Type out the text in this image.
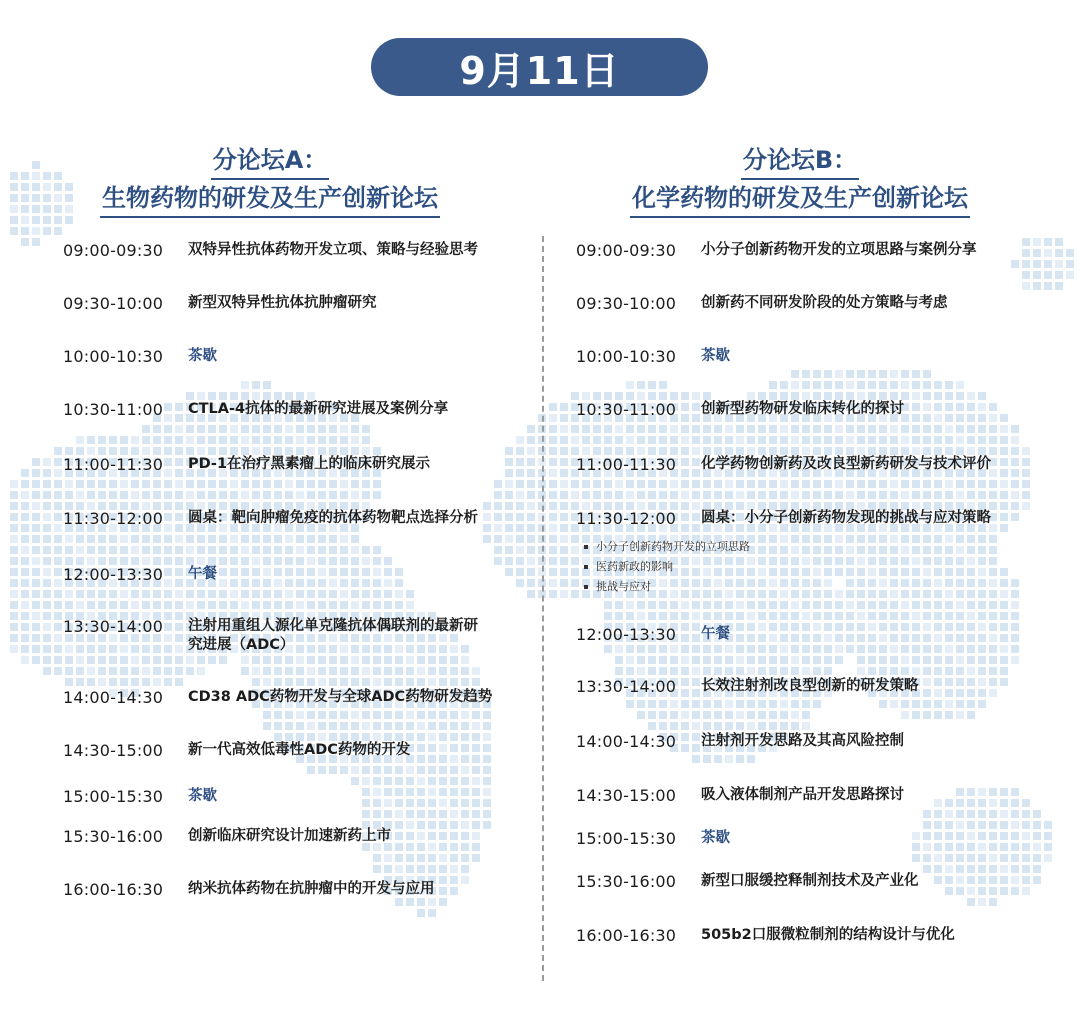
9月11日
分论坛A：
生物药物的研发及生产创新论坛
分论坛B：
化学药物的研发及生产创新论坛
09:00-09:30	双特异性抗体药物开发立项、策略与经验思考
09:30-10:00	新型双特异性抗体抗肿瘤研究
10:00-10:30	茶歇
10:30-11:00	CTLA-4抗体的最新研究进展及案例分享
11:00-11:30	PD-1在治疗黑素瘤上的临床研究展示
11:30-12:00	圆桌：靶向肿瘤免疫的抗体药物靶点选择分析
12:00-13:30	午餐
13:30-14:00	注射用重组人源化单克隆抗体偶联剂的最新研究进展（ADC）
14:00-14:30	CD38 ADC药物开发与全球ADC药物研发趋势
14:30-15:00	新一代高效低毒性ADC药物的开发
15:00-15:30	茶歇
15:30-16:00	创新临床研究设计加速新药上市
16:00-16:30	纳米抗体药物在抗肿瘤中的开发与应用
09:00-09:30	小分子创新药物开发的立项思路与案例分享
09:30-10:00	创新药不同研发阶段的处方策略与考虑
10:00-10:30	茶歇
10:30-11:00	创新型药物研发临床转化的探讨
11:00-11:30	化学药物创新药及改良型新药研发与技术评价
11:30-12:00	圆桌：小分子创新药物发现的挑战与应对策略
小分子创新药物开发的立项思路
医药新政的影响
挑战与应对
12:00-13:30	午餐
13:30-14:00	长效注射剂改良型创新的研发策略
14:00-14:30	注射剂开发思路及其高风险控制
14:30-15:00	吸入液体制剂产品开发思路探讨
15:00-15:30	茶歇
15:30-16:00	新型口服缓控释制剂技术及产业化
16:00-16:30	505b2口服微粒制剂的结构设计与优化
